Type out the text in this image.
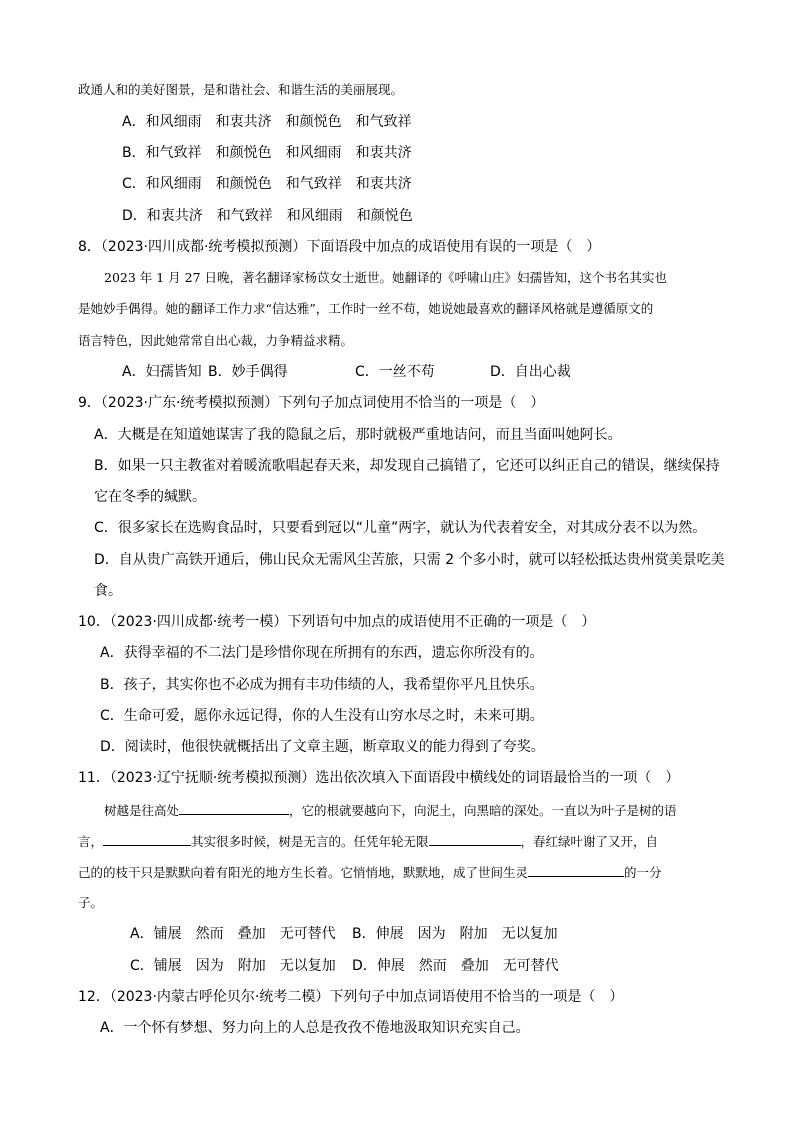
政通人和的美好图景，是和谐社会、和谐生活的美丽展现。
A．和风细雨　和衷共济　和颜悦色　和气致祥
B．和气致祥　和颜悦色　和风细雨　和衷共济
C．和风细雨　和颜悦色　和气致祥　和衷共济
D．和衷共济　和气致祥　和风细雨　和颜悦色
8．（2023·四川成都·统考模拟预测）下面语段中加点的成语使用有误的一项是（　）
2023 年 1 月 27 日晚，著名翻译家杨苡女士逝世。她翻译的《呼啸山庄》妇孺皆知，这个书名其实也
是她妙手偶得。她的翻译工作力求“信达雅”，工作时一丝不苟，她说她最喜欢的翻译风格就是遵循原文的
语言特色，因此她常常自出心裁，力争精益求精。
A．妇孺皆知 B．妙手偶得	C．一丝不苟	D．自出心裁
9．（2023·广东·统考模拟预测）下列句子加点词使用不恰当的一项是（　）
A．大概是在知道她谋害了我的隐鼠之后，那时就极严重地诘问，而且当面叫她阿长。
B．如果一只主教雀对着暖流歌唱起春天来，却发现自己搞错了，它还可以纠正自己的错误，继续保持
它在冬季的缄默。
C．很多家长在选购食品时，只要看到冠以“儿童”两字，就认为代表着安全，对其成分表不以为然。
D．自从贵广高铁开通后，佛山民众无需风尘苦旅，只需 2 个多小时，就可以轻松抵达贵州赏美景吃美
食。
10．（2023·四川成都·统考一模）下列语句中加点的成语使用不正确的一项是（　）
A．获得幸福的不二法门是珍惜你现在所拥有的东西，遗忘你所没有的。
B．孩子，其实你也不必成为拥有丰功伟绩的人，我希望你平凡且快乐。
C．生命可爱，愿你永远记得，你的人生没有山穷水尽之时，未来可期。
D．阅读时，他很快就概括出了文章主题，断章取义的能力得到了夸奖。
11．（2023·辽宁抚顺·统考模拟预测）选出依次填入下面语段中横线处的词语最恰当的一项（　）
树越是往高处	，它的根就要越向下，向泥土，向黑暗的深处。一直以为叶子是树的语
言，	其实很多时候，树是无言的。任凭年轮无限	，春红绿叶谢了又开，自
己的的枝干只是默默向着有阳光的地方生长着。它悄悄地，默默地，成了世间生灵	的一分
子。
A．铺展　然而　叠加　无可替代 B．伸展　因为　附加　无以复加
C．铺展　因为　附加　无以复加 D．伸展　然而　叠加　无可替代
12．（2023·内蒙古呼伦贝尔·统考二模）下列句子中加点词语使用不恰当的一项是（　）
A．一个怀有梦想、努力向上的人总是孜孜不倦地汲取知识充实自己。
